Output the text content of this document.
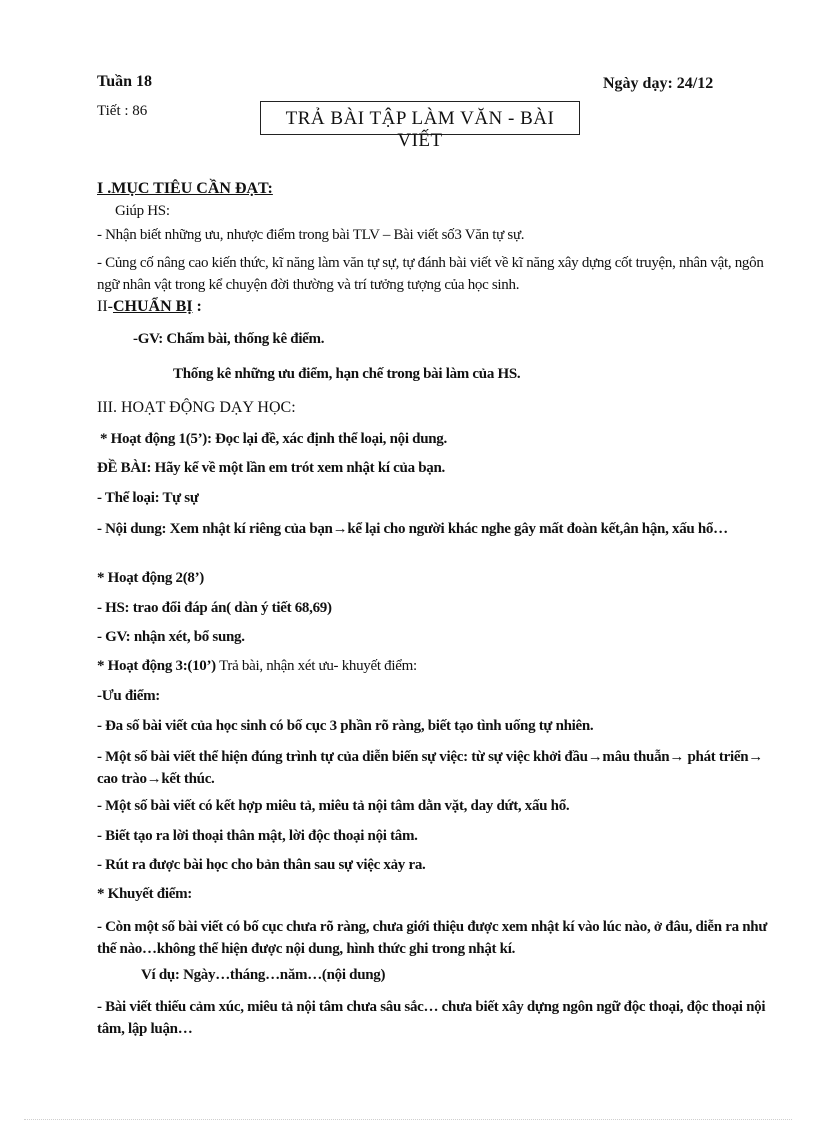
Tuần 18	Ngày dạy: 24/12
Tiết : 86	TRẢ BÀI TẬP LÀM VĂN - BÀI VIẾT
I .MỤC TIÊU CẦN ĐẠT:
Giúp HS:
- Nhận biết những ưu, nhược điểm trong bài TLV – Bài viết số3 Văn tự sự.
- Củng cố nâng cao kiến thức, kĩ năng làm văn tự sự, tự đánh bài viết về kĩ năng xây dựng cốt truyện, nhân vật, ngôn ngữ nhân vật trong kể chuyện đời thường và trí tưởng tượng của học sinh.
II-CHUẨN BỊ :
-GV: Chấm bài, thống kê điểm.
Thống kê những ưu điểm, hạn chế trong bài làm của HS.
III. HOẠT ĐỘNG DẠY HỌC:
* Hoạt động 1(5’): Đọc lại đề, xác định thể loại, nội dung.
ĐỀ BÀI: Hãy kể về một lần em trót xem nhật kí của bạn.
- Thể loại: Tự sự
- Nội dung: Xem nhật kí riêng của bạn→kể lại cho người khác nghe gây mất đoàn kết,ân hận, xấu hổ…
* Hoạt động 2(8’)
- HS: trao đổi đáp án( dàn ý tiết 68,69)
- GV: nhận xét, bổ sung.
* Hoạt động 3:(10’) Trả bài, nhận xét ưu- khuyết điểm:
-Ưu điểm:
- Đa số bài viết của học sinh có bố cục 3 phần rõ ràng, biết tạo tình uống tự nhiên.
- Một số bài viết thể hiện đúng trình tự của diễn biến sự việc: từ sự việc khởi đầu→mâu thuẫn→ phát triển→ cao trào→kết thúc.
- Một số bài viết có kết hợp miêu tả, miêu tả nội tâm dằn vặt, day dứt, xấu hổ.
- Biết tạo ra lời thoại thân mật, lời độc thoại nội tâm.
- Rút ra được bài học cho bản thân sau sự việc xảy ra.
* Khuyết điểm:
- Còn một số bài viết có bố cục chưa rõ ràng, chưa giới thiệu được xem nhật kí vào lúc nào, ở đâu, diễn ra như thế nào…không thể hiện được nội dung, hình thức ghi trong nhật kí.
Ví dụ: Ngày…tháng…năm…(nội dung)
- Bài viết thiếu cảm xúc, miêu tả nội tâm chưa sâu sắc… chưa biết xây dựng ngôn ngữ độc thoại, độc thoại nội tâm, lập luận…
